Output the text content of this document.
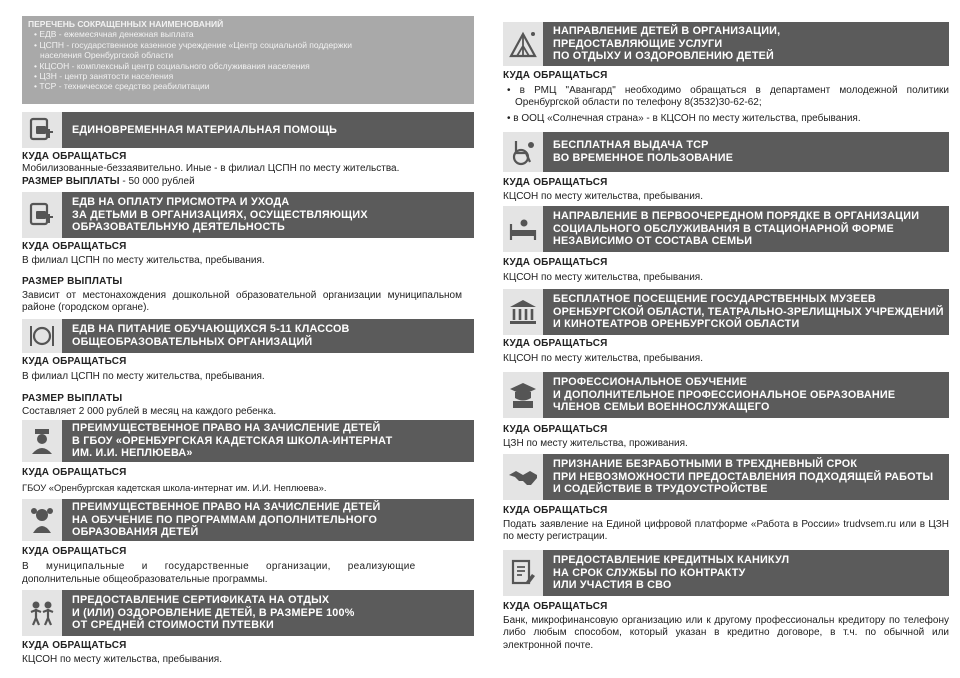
ПЕРЕЧЕНЬ СОКРАЩЕННЫХ НАИМЕНОВАНИЙ
• ЕДВ - ежемесячная денежная выплата
• ЦСПН - государственное казенное учреждение «Центр социальной поддержки
населения Оренбургской области
• КЦСОН - комплексный центр социального обслуживания населения
• ЦЗН - центр занятости населения
• ТСР - техническое средство реабилитации
ЕДИНОВРЕМЕННАЯ МАТЕРИАЛЬНАЯ ПОМОЩЬ
КУДА ОБРАЩАТЬСЯ
Мобилизованные-беззаявительно. Иные - в филиал ЦСПН по месту жительства.
РАЗМЕР ВЫПЛАТЫ - 50 000 рублей
ЕДВ НА ОПЛАТУ ПРИСМОТРА И УХОДА
ЗА ДЕТЬМИ В ОРГАНИЗАЦИЯХ, ОСУЩЕСТВЛЯЮЩИХ
ОБРАЗОВАТЕЛЬНУЮ ДЕЯТЕЛЬНОСТЬ
КУДА ОБРАЩАТЬСЯ
В филиал ЦСПН по месту жительства, пребывания.
РАЗМЕР ВЫПЛАТЫ
Зависит от местонахождения дошкольной образовательной организации муниципальном районе (городском органе).
ЕДВ НА ПИТАНИЕ ОБУЧАЮЩИХСЯ 5-11 КЛАССОВ
ОБЩЕОБРАЗОВАТЕЛЬНЫХ ОРГАНИЗАЦИЙ
КУДА ОБРАЩАТЬСЯ
В филиал ЦСПН по месту жительства, пребывания.
РАЗМЕР ВЫПЛАТЫ
Составляет 2 000 рублей в месяц на каждого ребенка.
ПРЕИМУЩЕСТВЕННОЕ ПРАВО НА ЗАЧИСЛЕНИЕ ДЕТЕЙ
В ГБОУ «ОРЕНБУРГСКАЯ КАДЕТСКАЯ ШКОЛА-ИНТЕРНАТ
ИМ. И.И. НЕПЛЮЕВА»
КУДА ОБРАЩАТЬСЯ
ГБОУ «Оренбургская кадетская школа-интернат им. И.И. Неплюева».
ПРЕИМУЩЕСТВЕННОЕ ПРАВО НА ЗАЧИСЛЕНИЕ ДЕТЕЙ
НА ОБУЧЕНИЕ ПО ПРОГРАММАМ ДОПОЛНИТЕЛЬНОГО
ОБРАЗОВАНИЯ ДЕТЕЙ
КУДА ОБРАЩАТЬСЯ
В муниципальные и государственные организации, реализующие
дополнительные общеобразовательные программы.
ПРЕДОСТАВЛЕНИЕ СЕРТИФИКАТА НА ОТДЫХ
И (ИЛИ) ОЗДОРОВЛЕНИЕ ДЕТЕЙ, В РАЗМЕРЕ 100%
ОТ СРЕДНЕЙ СТОИМОСТИ ПУТЕВКИ
КУДА ОБРАЩАТЬСЯ
КЦСОН по месту жительства, пребывания.
НАПРАВЛЕНИЕ ДЕТЕЙ В ОРГАНИЗАЦИИ,
ПРЕДОСТАВЛЯЮЩИЕ УСЛУГИ
ПО ОТДЫХУ И ОЗДОРОВЛЕНИЮ ДЕТЕЙ
КУДА ОБРАЩАТЬСЯ
• в РМЦ "Авангард" необходимо обращаться в департамент молодежной политики Оренбургской области по телефону 8(3532)30-62-62;
• в ООЦ «Солнечная страна» - в КЦСОН по месту жительства, пребывания.
БЕСПЛАТНАЯ ВЫДАЧА ТСР
ВО ВРЕМЕННОЕ ПОЛЬЗОВАНИЕ
КУДА ОБРАЩАТЬСЯ
КЦСОН по месту жительства, пребывания.
НАПРАВЛЕНИЕ В ПЕРВООЧЕРЕДНОМ ПОРЯДКЕ В ОРГАНИЗАЦИИ
СОЦИАЛЬНОГО ОБСЛУЖИВАНИЯ В СТАЦИОНАРНОЙ ФОРМЕ
НЕЗАВИСИМО ОТ СОСТАВА СЕМЬИ
КУДА ОБРАЩАТЬСЯ
КЦСОН по месту жительства, пребывания.
БЕСПЛАТНОЕ ПОСЕЩЕНИЕ ГОСУДАРСТВЕННЫХ МУЗЕЕВ
ОРЕНБУРГСКОЙ ОБЛАСТИ, ТЕАТРАЛЬНО-ЗРЕЛИЩНЫХ УЧРЕЖДЕНИЙ
И КИНОТЕАТРОВ ОРЕНБУРГСКОЙ ОБЛАСТИ
КУДА ОБРАЩАТЬСЯ
КЦСОН по месту жительства, пребывания.
ПРОФЕССИОНАЛЬНОЕ ОБУЧЕНИЕ
И ДОПОЛНИТЕЛЬНОЕ ПРОФЕССИОНАЛЬНОЕ ОБРАЗОВАНИЕ
ЧЛЕНОВ СЕМЬИ ВОЕННОСЛУЖАЩЕГО
КУДА ОБРАЩАТЬСЯ
ЦЗН по месту жительства, проживания.
ПРИЗНАНИЕ БЕЗРАБОТНЫМИ В ТРЕХДНЕВНЫЙ СРОК
ПРИ НЕВОЗМОЖНОСТИ ПРЕДОСТАВЛЕНИЯ ПОДХОДЯЩЕЙ РАБОТЫ
И СОДЕЙСТВИЕ В ТРУДОУСТРОЙСТВЕ
КУДА ОБРАЩАТЬСЯ
Подать заявление на Единой цифровой платформе «Работа в России» trudvsem.ru или в ЦЗН по месту регистрации.
ПРЕДОСТАВЛЕНИЕ КРЕДИТНЫХ КАНИКУЛ
НА СРОК СЛУЖБЫ ПО КОНТРАКТУ
ИЛИ УЧАСТИЯ В СВО
КУДА ОБРАЩАТЬСЯ
Банк, микрофинансовую организацию или к другому профессиональн кредитору по телефону либо любым способом, который указан в кредитно договоре, в т.ч. по обычной или электронной почте.
